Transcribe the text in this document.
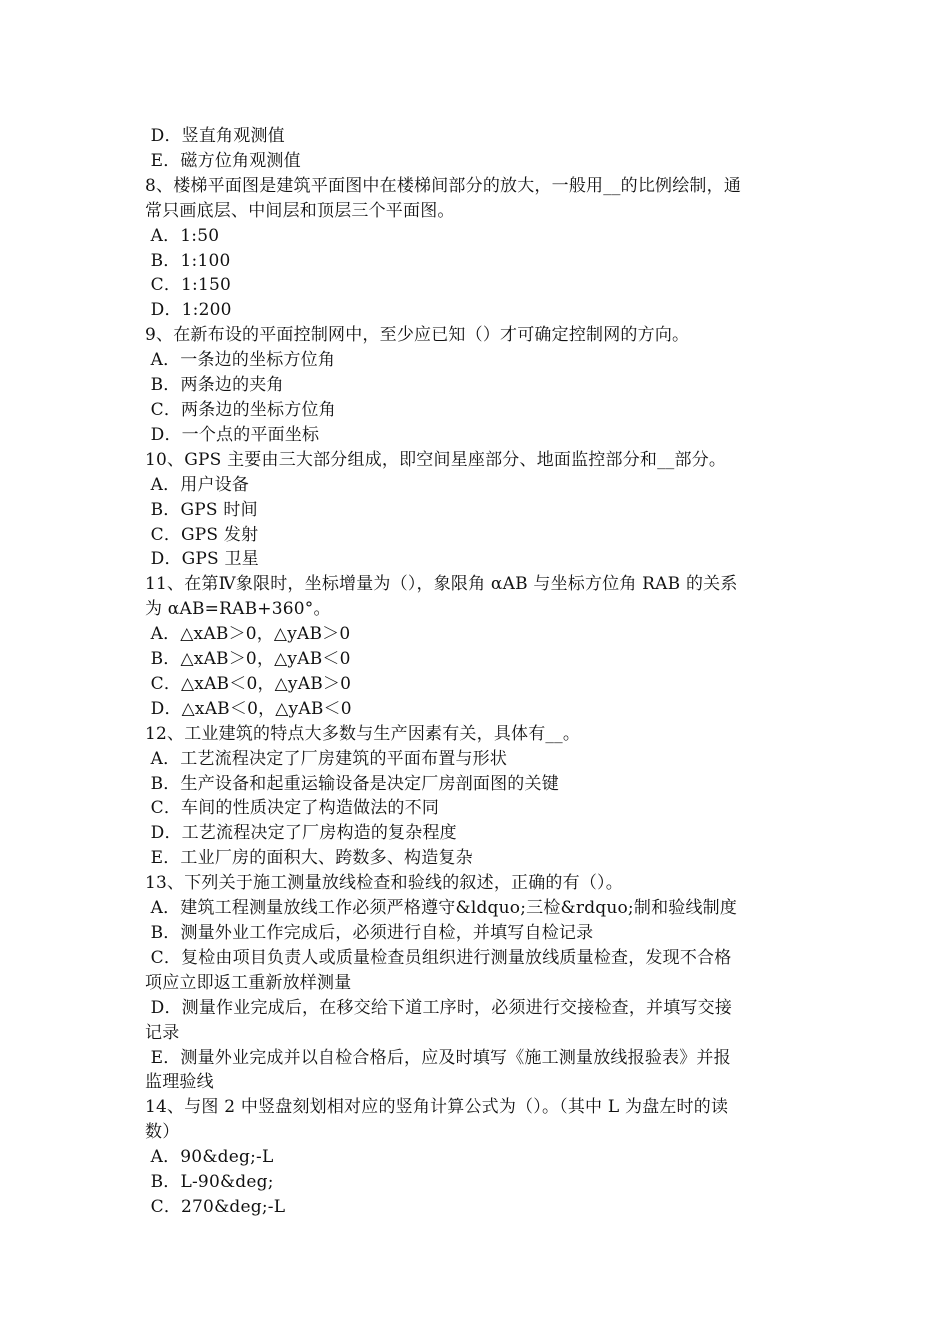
D．竖直角观测值
E．磁方位角观测值
8、楼梯平面图是建筑平面图中在楼梯间部分的放大，一般用__的比例绘制，通
常只画底层、中间层和顶层三个平面图。
A．1:50
B．1:100
C．1:150
D．1:200
9、在新布设的平面控制网中，至少应已知（）才可确定控制网的方向。
A．一条边的坐标方位角
B．两条边的夹角
C．两条边的坐标方位角
D．一个点的平面坐标
10、GPS 主要由三大部分组成，即空间星座部分、地面监控部分和__部分。
A．用户设备
B．GPS 时间
C．GPS 发射
D．GPS 卫星
11、在第Ⅳ象限时，坐标增量为（），象限角 αAB 与坐标方位角 RAB 的关系
为 αAB=RAB+360°。
A．△xAB＞0，△yAB＞0
B．△xAB＞0，△yAB＜0
C．△xAB＜0，△yAB＞0
D．△xAB＜0，△yAB＜0
12、工业建筑的特点大多数与生产因素有关，具体有__。
A．工艺流程决定了厂房建筑的平面布置与形状
B．生产设备和起重运输设备是决定厂房剖面图的关键
C．车间的性质决定了构造做法的不同
D．工艺流程决定了厂房构造的复杂程度
E．工业厂房的面积大、跨数多、构造复杂
13、下列关于施工测量放线检查和验线的叙述，正确的有（）。
A．建筑工程测量放线工作必须严格遵守&ldquo;三检&rdquo;制和验线制度
B．测量外业工作完成后，必须进行自检，并填写自检记录
C．复检由项目负责人或质量检查员组织进行测量放线质量检查，发现不合格
项应立即返工重新放样测量
D．测量作业完成后，在移交给下道工序时，必须进行交接检查，并填写交接
记录
E．测量外业完成并以自检合格后，应及时填写《施工测量放线报验表》并报
监理验线
14、与图 2 中竖盘刻划相对应的竖角计算公式为（）。（其中 L 为盘左时的读
数）
A．90&deg;-L
B．L-90&deg;
C．270&deg;-L
